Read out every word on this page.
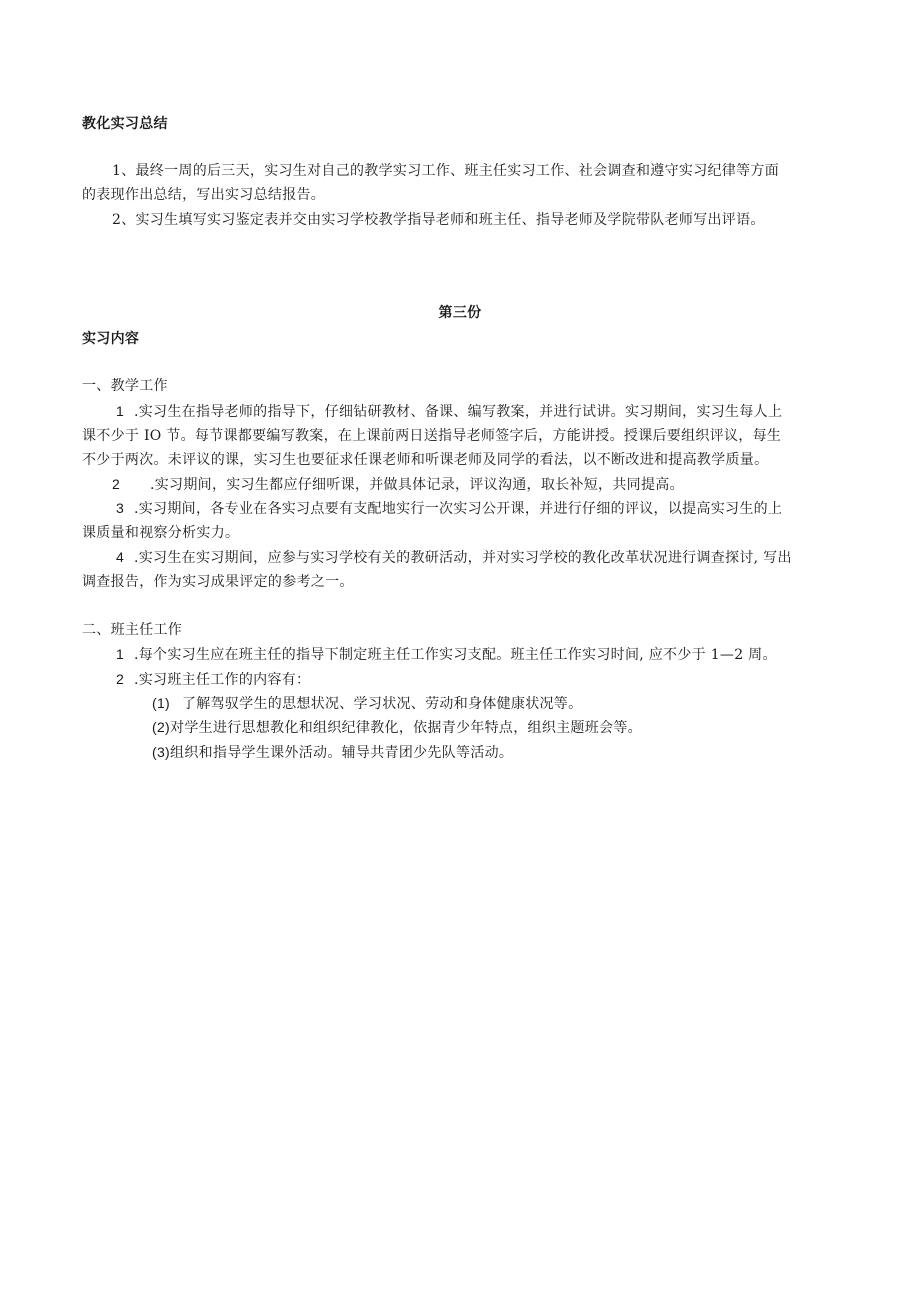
教化实习总结
1、最终一周的后三天，实习生对自己的教学实习工作、班主任实习工作、社会调查和遵守实习纪律等方面
的表现作出总结，写出实习总结报告。
2、实习生填写实习鉴定表并交由实习学校教学指导老师和班主任、指导老师及学院带队老师写出评语。
第三份
实习内容
一、教学工作
1 .实习生在指导老师的指导下，仔细钻研教材、备课、编写教案，并进行试讲。实习期间，实习生每人上
课不少于 IO 节。每节课都要编写教案，在上课前两日送指导老师签字后，方能讲授。授课后要组织评议，每生
不少于两次。未评议的课，实习生也要征求任课老师和听课老师及同学的看法，以不断改进和提高教学质量。
2 .实习期间，实习生都应仔细听课，并做具体记录，评议沟通，取长补短，共同提高。
3 .实习期间，各专业在各实习点要有支配地实行一次实习公开课，并进行仔细的评议，以提高实习生的上
课质量和视察分析实力。
4 .实习生在实习期间，应参与实习学校有关的教研活动，并对实习学校的教化改革状况进行调查探讨, 写出
调查报告，作为实习成果评定的参考之一。
二、班主任工作
1 .每个实习生应在班主任的指导下制定班主任工作实习支配。班主任工作实习时间, 应不少于 1—2 周。
2 .实习班主任工作的内容有：
(1) 了解驾驭学生的思想状况、学习状况、劳动和身体健康状况等。
(2)对学生进行思想教化和组织纪律教化，依据青少年特点，组织主题班会等。
(3)组织和指导学生课外活动。辅导共青团少先队等活动。
